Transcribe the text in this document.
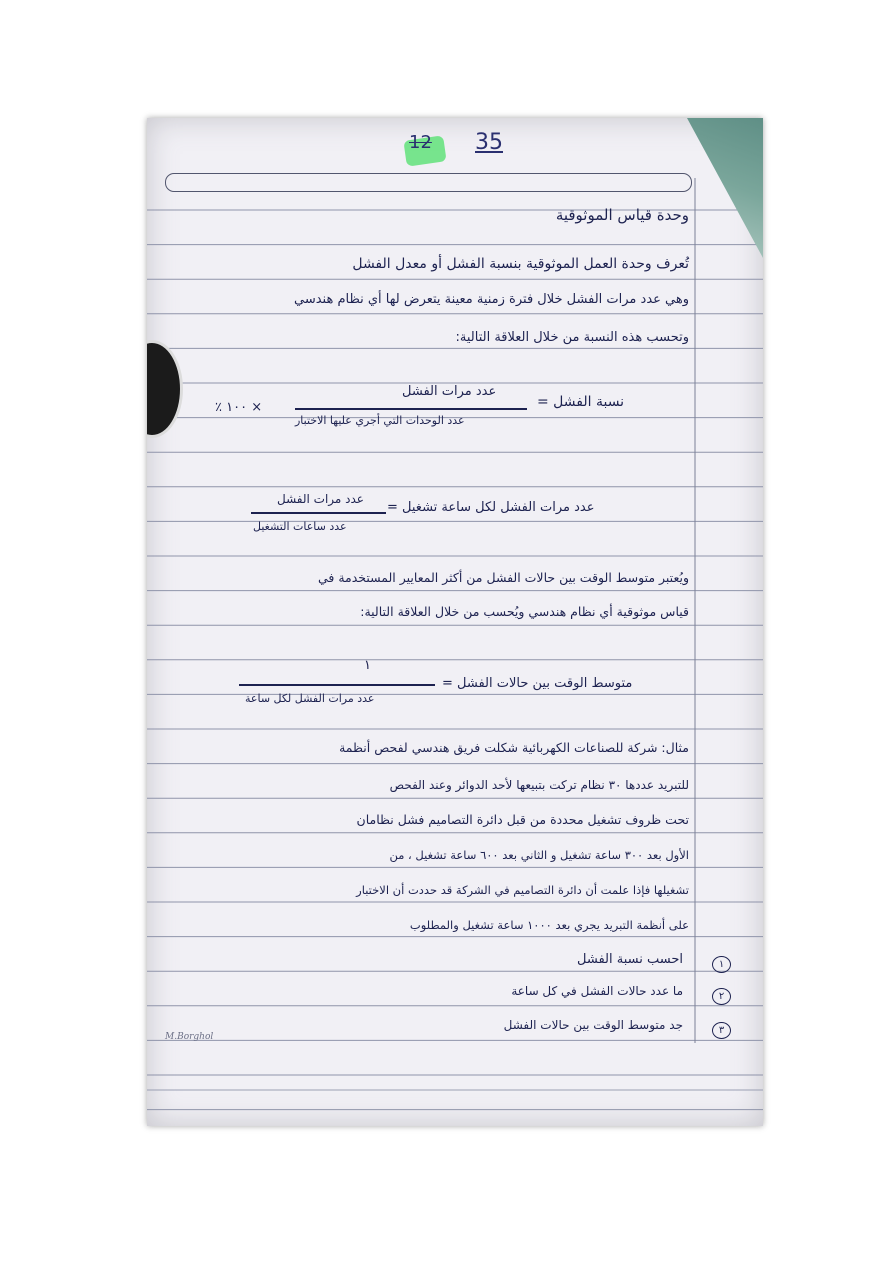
12 35
وحدة قياس الموثوقية
تُعرف وحدة العمل الموثوقية بنسبة الفشل أو معدل الفشل
وهي عدد مرات الفشل خلال فترة زمنية معينة يتعرض لها أي نظام هندسي
وتحسب هذه النسبة من خلال العلاقة التالية:
نسبة الفشل =
عدد مرات الفشل
عدد الوحدات التي أجري عليها الاختبار
× ١٠٠ ٪
عدد مرات الفشل لكل ساعة تشغيل =
عدد مرات الفشل
عدد ساعات التشغيل
ويُعتبر متوسط الوقت بين حالات الفشل من أكثر المعايير المستخدمة في
قياس موثوقية أي نظام هندسي ويُحسب من خلال العلاقة التالية:
متوسط الوقت بين حالات الفشل =
١
عدد مرات الفشل لكل ساعة
مثال: شركة للصناعات الكهربائية شكلت فريق هندسي لفحص أنظمة
للتبريد عددها ٣٠ نظام تركت بتبيعها لأحد الدوائر وعند الفحص
تحت ظروف تشغيل محددة من قبل دائرة التصاميم فشل نظامان
الأول بعد ٣٠٠ ساعة تشغيل و الثاني بعد ٦٠٠ ساعة تشغيل ، من
تشغيلها فإذا علمت أن دائرة التصاميم في الشركة قد حددت أن الاختبار
على أنظمة التبريد يجري بعد ١٠٠٠ ساعة تشغيل والمطلوب
١
احسب نسبة الفشل
٢
ما عدد حالات الفشل في كل ساعة
٣
جد متوسط الوقت بين حالات الفشل
M.Borghol
